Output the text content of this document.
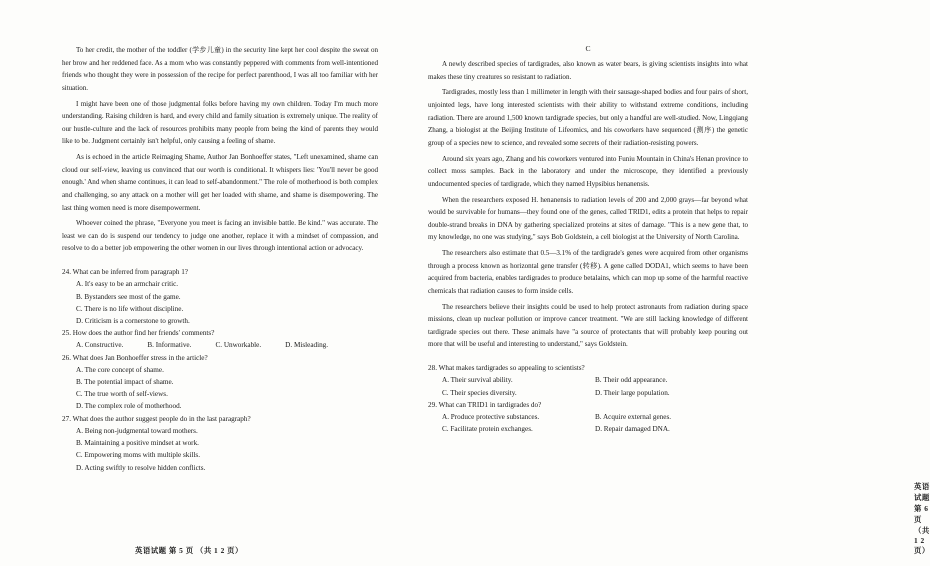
To her credit, the mother of the toddler (学步儿童) in the security line kept her cool despite the sweat on her brow and her reddened face. As a mom who was constantly peppered with comments from well-intentioned friends who thought they were in possession of the recipe for perfect parenthood, I was all too familiar with her situation.

I might have been one of those judgmental folks before having my own children. Today I'm much more understanding. Raising children is hard, and every child and family situation is extremely unique. The reality of our hustle-culture and the lack of resources prohibits many people from being the kind of parents they would like to be. Judgment certainly isn't helpful, only causing a feeling of shame.

As is echoed in the article Reimaging Shame, Author Jan Bonhoeffer states, "Left unexamined, shame can cloud our self-view, leaving us convinced that our worth is conditional. It whispers lies: 'You'll never be good enough.' And when shame continues, it can lead to self-abandonment." The role of motherhood is both complex and challenging, so any attack on a mother will get her loaded with shame, and shame is disempowering. The last thing women need is more disempowerment.

Whoever coined the phrase, "Everyone you meet is facing an invisible battle. Be kind." was accurate. The least we can do is suspend our tendency to judge one another, replace it with a mindset of compassion, and resolve to do a better job empowering the other women in our lives through intentional action or advocacy.

24. What can be inferred from paragraph 1?
A. It's easy to be an armchair critic.
B. Bystanders see most of the game.
C. There is no life without discipline.
D. Criticism is a cornerstone to growth.
25. How does the author find her friends' comments?
A. Constructive.	B. Informative.	C. Unworkable.	D. Misleading.
26. What does Jan Bonhoeffer stress in the article?
A. The core concept of shame.
B. The potential impact of shame.
C. The true worth of self-views.
D. The complex role of motherhood.
27. What does the author suggest people do in the last paragraph?
A. Being non-judgmental toward mothers.
B. Maintaining a positive mindset at work.
C. Empowering moms with multiple skills.
D. Acting swiftly to resolve hidden conflicts.
英语试题 第 5 页 （共 1 2 页）
英语试题 第 6 页 （共 1 2 页）
C

A newly described species of tardigrades, also known as water bears, is giving scientists insights into what makes these tiny creatures so resistant to radiation.

Tardigrades, mostly less than 1 millimeter in length with their sausage-shaped bodies and four pairs of short, unjointed legs, have long interested scientists with their ability to withstand extreme conditions, including radiation. There are around 1,500 known tardigrade species, but only a handful are well-studied. Now, Lingqiang Zhang, a biologist at the Beijing Institute of Lifeomics, and his coworkers have sequenced (测序) the genetic group of a species new to science, and revealed some secrets of their radiation-resisting powers.

Around six years ago, Zhang and his coworkers ventured into Funiu Mountain in China's Henan province to collect moss samples. Back in the laboratory and under the microscope, they identified a previously undocumented species of tardigrade, which they named Hypsibius henanensis.

When the researchers exposed H. henanensis to radiation levels of 200 and 2,000 grays—far beyond what would be survivable for humans—they found one of the genes, called TRID1, edits a protein that helps to repair double-strand breaks in DNA by gathering specialized proteins at sites of damage. "This is a new gene that, to my knowledge, no one was studying," says Bob Goldstein, a cell biologist at the University of North Carolina.

The researchers also estimate that 0.5—3.1% of the tardigrade's genes were acquired from other organisms through a process known as horizontal gene transfer (转移). A gene called DODA1, which seems to have been acquired from bacteria, enables tardigrades to produce betalains, which can mop up some of the harmful reactive chemicals that radiation causes to form inside cells.

The researchers believe their insights could be used to help protect astronauts from radiation during space missions, clean up nuclear pollution or improve cancer treatment. "We are still lacking knowledge of different tardigrade species out there. These animals have "a source of protectants that will probably keep pouring out more that will be useful and interesting to understand," says Goldstein.

28. What makes tardigrades so appealing to scientists?
A. Their survival ability.	B. Their odd appearance.
C. Their species diversity.	D. Their large population.
29. What can TRID1 in tardigrades do?
A. Produce protective substances.	B. Acquire external genes.
C. Facilitate protein exchanges.	D. Repair damaged DNA.
